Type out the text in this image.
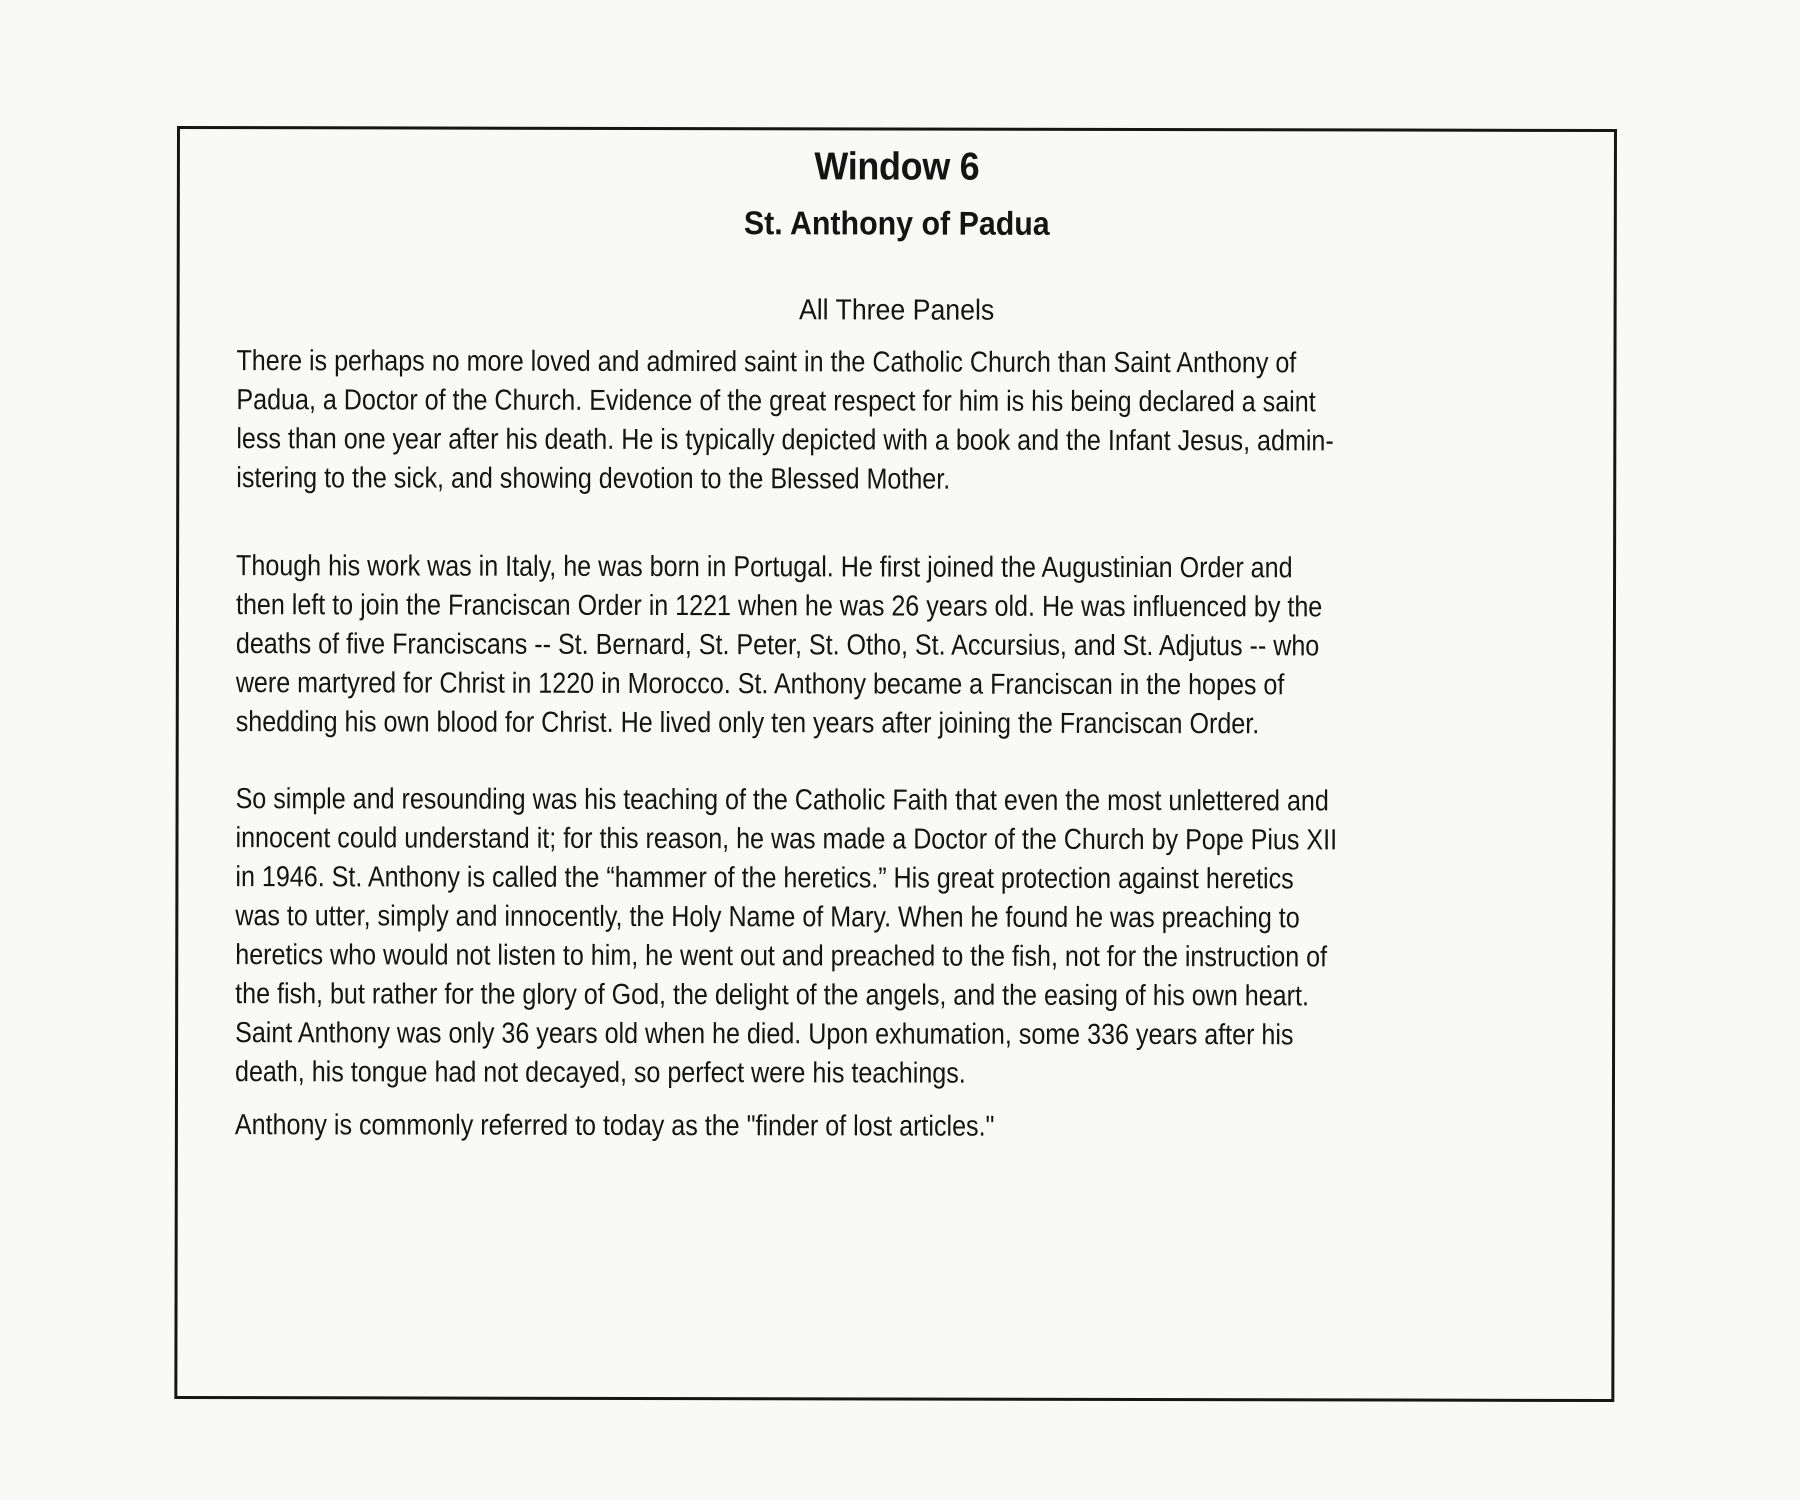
Window 6
St. Anthony of Padua
All Three Panels

There is perhaps no more loved and admired saint in the Catholic Church than Saint Anthony of
Padua, a Doctor of the Church. Evidence of the great respect for him is his being declared a saint
less than one year after his death. He is typically depicted with a book and the Infant Jesus, admin-
istering to the sick, and showing devotion to the Blessed Mother.

Though his work was in Italy, he was born in Portugal. He first joined the Augustinian Order and
then left to join the Franciscan Order in 1221 when he was 26 years old. He was influenced by the
deaths of five Franciscans -- St. Bernard, St. Peter, St. Otho, St. Accursius, and St. Adjutus -- who
were martyred for Christ in 1220 in Morocco. St. Anthony became a Franciscan in the hopes of
shedding his own blood for Christ. He lived only ten years after joining the Franciscan Order.

So simple and resounding was his teaching of the Catholic Faith that even the most unlettered and
innocent could understand it; for this reason, he was made a Doctor of the Church by Pope Pius XII
in 1946. St. Anthony is called the “hammer of the heretics.” His great protection against heretics
was to utter, simply and innocently, the Holy Name of Mary. When he found he was preaching to
heretics who would not listen to him, he went out and preached to the fish, not for the instruction of
the fish, but rather for the glory of God, the delight of the angels, and the easing of his own heart.
Saint Anthony was only 36 years old when he died. Upon exhumation, some 336 years after his
death, his tongue had not decayed, so perfect were his teachings.

Anthony is commonly referred to today as the "finder of lost articles."
